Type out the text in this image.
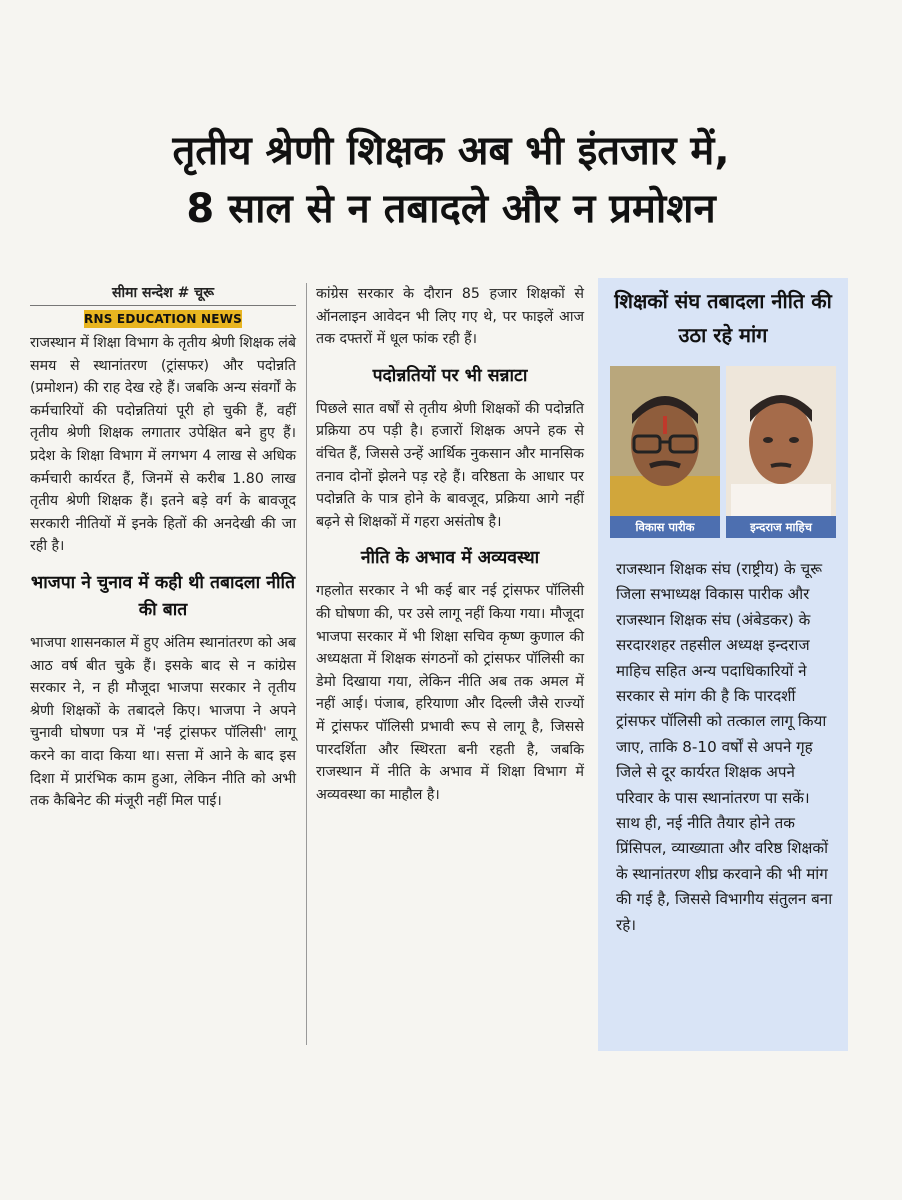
तृतीय श्रेणी शिक्षक अब भी इंतजार में,
8 साल से न तबादले और न प्रमोशन
सीमा सन्देश # चूरू
RNS EDUCATION NEWS

राजस्थान में शिक्षा विभाग के तृतीय श्रेणी शिक्षक लंबे समय से स्थानांतरण (ट्रांसफर) और पदोन्नति (प्रमोशन) की राह देख रहे हैं। जबकि अन्य संवर्गों के कर्मचारियों की पदोन्नतियां पूरी हो चुकी हैं, वहीं तृतीय श्रेणी शिक्षक लगातार उपेक्षित बने हुए हैं। प्रदेश के शिक्षा विभाग में लगभग 4 लाख से अधिक कर्मचारी कार्यरत हैं, जिनमें से करीब 1.80 लाख तृतीय श्रेणी शिक्षक हैं। इतने बड़े वर्ग के बावजूद सरकारी नीतियों में इनके हितों की अनदेखी की जा रही है।

भाजपा ने चुनाव में कही थी तबादला नीति की बात

भाजपा शासनकाल में हुए अंतिम स्थानांतरण को अब आठ वर्ष बीत चुके हैं। इसके बाद से न कांग्रेस सरकार ने, न ही मौजूदा भाजपा सरकार ने तृतीय श्रेणी शिक्षकों के तबादले किए। भाजपा ने अपने चुनावी घोषणा पत्र में 'नई ट्रांसफर पॉलिसी' लागू करने का वादा किया था। सत्ता में आने के बाद इस दिशा में प्रारंभिक काम हुआ, लेकिन नीति को अभी तक कैबिनेट की मंजूरी नहीं मिल पाई।

कांग्रेस सरकार के दौरान 85 हजार शिक्षकों से ऑनलाइन आवेदन भी लिए गए थे, पर फाइलें आज तक दफ्तरों में धूल फांक रही हैं।

पदोन्नतियों पर भी सन्नाटा

पिछले सात वर्षों से तृतीय श्रेणी शिक्षकों की पदोन्नति प्रक्रिया ठप पड़ी है। हजारों शिक्षक अपने हक से वंचित हैं, जिससे उन्हें आर्थिक नुकसान और मानसिक तनाव दोनों झेलने पड़ रहे हैं। वरिष्ठता के आधार पर पदोन्नति के पात्र होने के बावजूद, प्रक्रिया आगे नहीं बढ़ने से शिक्षकों में गहरा असंतोष है।

नीति के अभाव में अव्यवस्था

गहलोत सरकार ने भी कई बार नई ट्रांसफर पॉलिसी की घोषणा की, पर उसे लागू नहीं किया गया। मौजूदा भाजपा सरकार में भी शिक्षा सचिव कृष्ण कुणाल की अध्यक्षता में शिक्षक संगठनों को ट्रांसफर पॉलिसी का डेमो दिखाया गया, लेकिन नीति अब तक अमल में नहीं आई। पंजाब, हरियाणा और दिल्ली जैसे राज्यों में ट्रांसफर पॉलिसी प्रभावी रूप से लागू है, जिससे पारदर्शिता और स्थिरता बनी रहती है, जबकि राजस्थान में नीति के अभाव में शिक्षा विभाग में अव्यवस्था का माहौल है।

शिक्षकों संघ तबादला नीति की उठा रहे मांग
विकास पारीक	इन्दराज माहिच
राजस्थान शिक्षक संघ (राष्ट्रीय) के चूरू जिला सभाध्यक्ष विकास पारीक और राजस्थान शिक्षक संघ (अंबेडकर) के सरदारशहर तहसील अध्यक्ष इन्दराज माहिच सहित अन्य पदाधिकारियों ने सरकार से मांग की है कि पारदर्शी ट्रांसफर पॉलिसी को तत्काल लागू किया जाए, ताकि 8-10 वर्षों से अपने गृह जिले से दूर कार्यरत शिक्षक अपने परिवार के पास स्थानांतरण पा सकें। साथ ही, नई नीति तैयार होने तक प्रिंसिपल, व्याख्याता और वरिष्ठ शिक्षकों के स्थानांतरण शीघ्र करवाने की भी मांग की गई है, जिससे विभागीय संतुलन बना रहे।
